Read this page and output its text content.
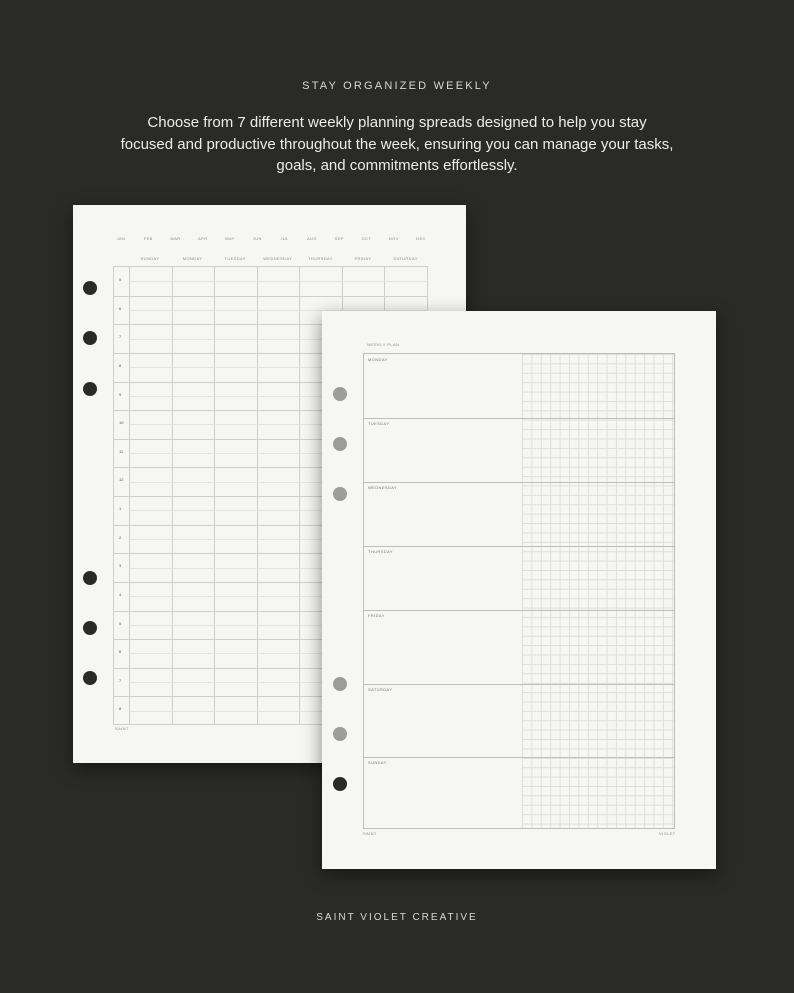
STAY ORGANIZED WEEKLY
Choose from 7 different weekly planning spreads designed to help you stay focused and productive throughout the week, ensuring you can manage your tasks, goals, and commitments effortlessly.
JAN	FEB	MAR	APR	MAY	JUN	JUL	AUG	SEP	OCT	NOV	DEC
SUNDAY	MONDAY	TUESDAY	WEDNESDAY	THURSDAY	FRIDAY	SATURDAY
5
6
7
8
9
10
11
12
1
2
3
4
5
6
7
8
SAINT
WEEKLY PLAN
MONDAY
TUESDAY
WEDNESDAY
THURSDAY
FRIDAY
SATURDAY
SUNDAY
SAINT	VIOLET
SAINT VIOLET CREATIVE
